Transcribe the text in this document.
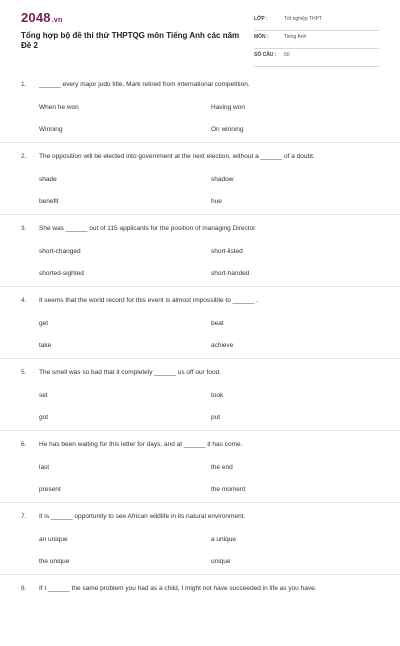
2048.vn
Tổng hợp bộ đề thi thử THPTQG môn Tiếng Anh các năm Đề 2
LỚP :	Tốt nghiệp THPT
MÔN :	Tiếng Anh
SỐ CÂU : 50
1. ______ every major judo title, Mark retired from international competition.
When he won	Having won
Winning	On winning
2. The opposition will be elected into government at the next election, without a ______ of a doubt.
shade	shadow
benefit	hue
3. She was ______ out of 115 applicants for the position of managing Director.
short-changed	short-listed
shorted-sighted	short-handed
4. It seems that the world record for this event is almost impossible to ______ .
get	beat
take	achieve
5. The smell was so bad that it completely ______ us off our food.
set	took
got	put
6. He has been waiting for this letter for days, and at ______ it has come.
last	the end
present	the moment
7. It is ______ opportunity to see African wildlife in its natural environment.
an unique	a unique
the unique	unique
8. If I ______ the same problem you had as a child, I might not have succeeded in life as you have.
